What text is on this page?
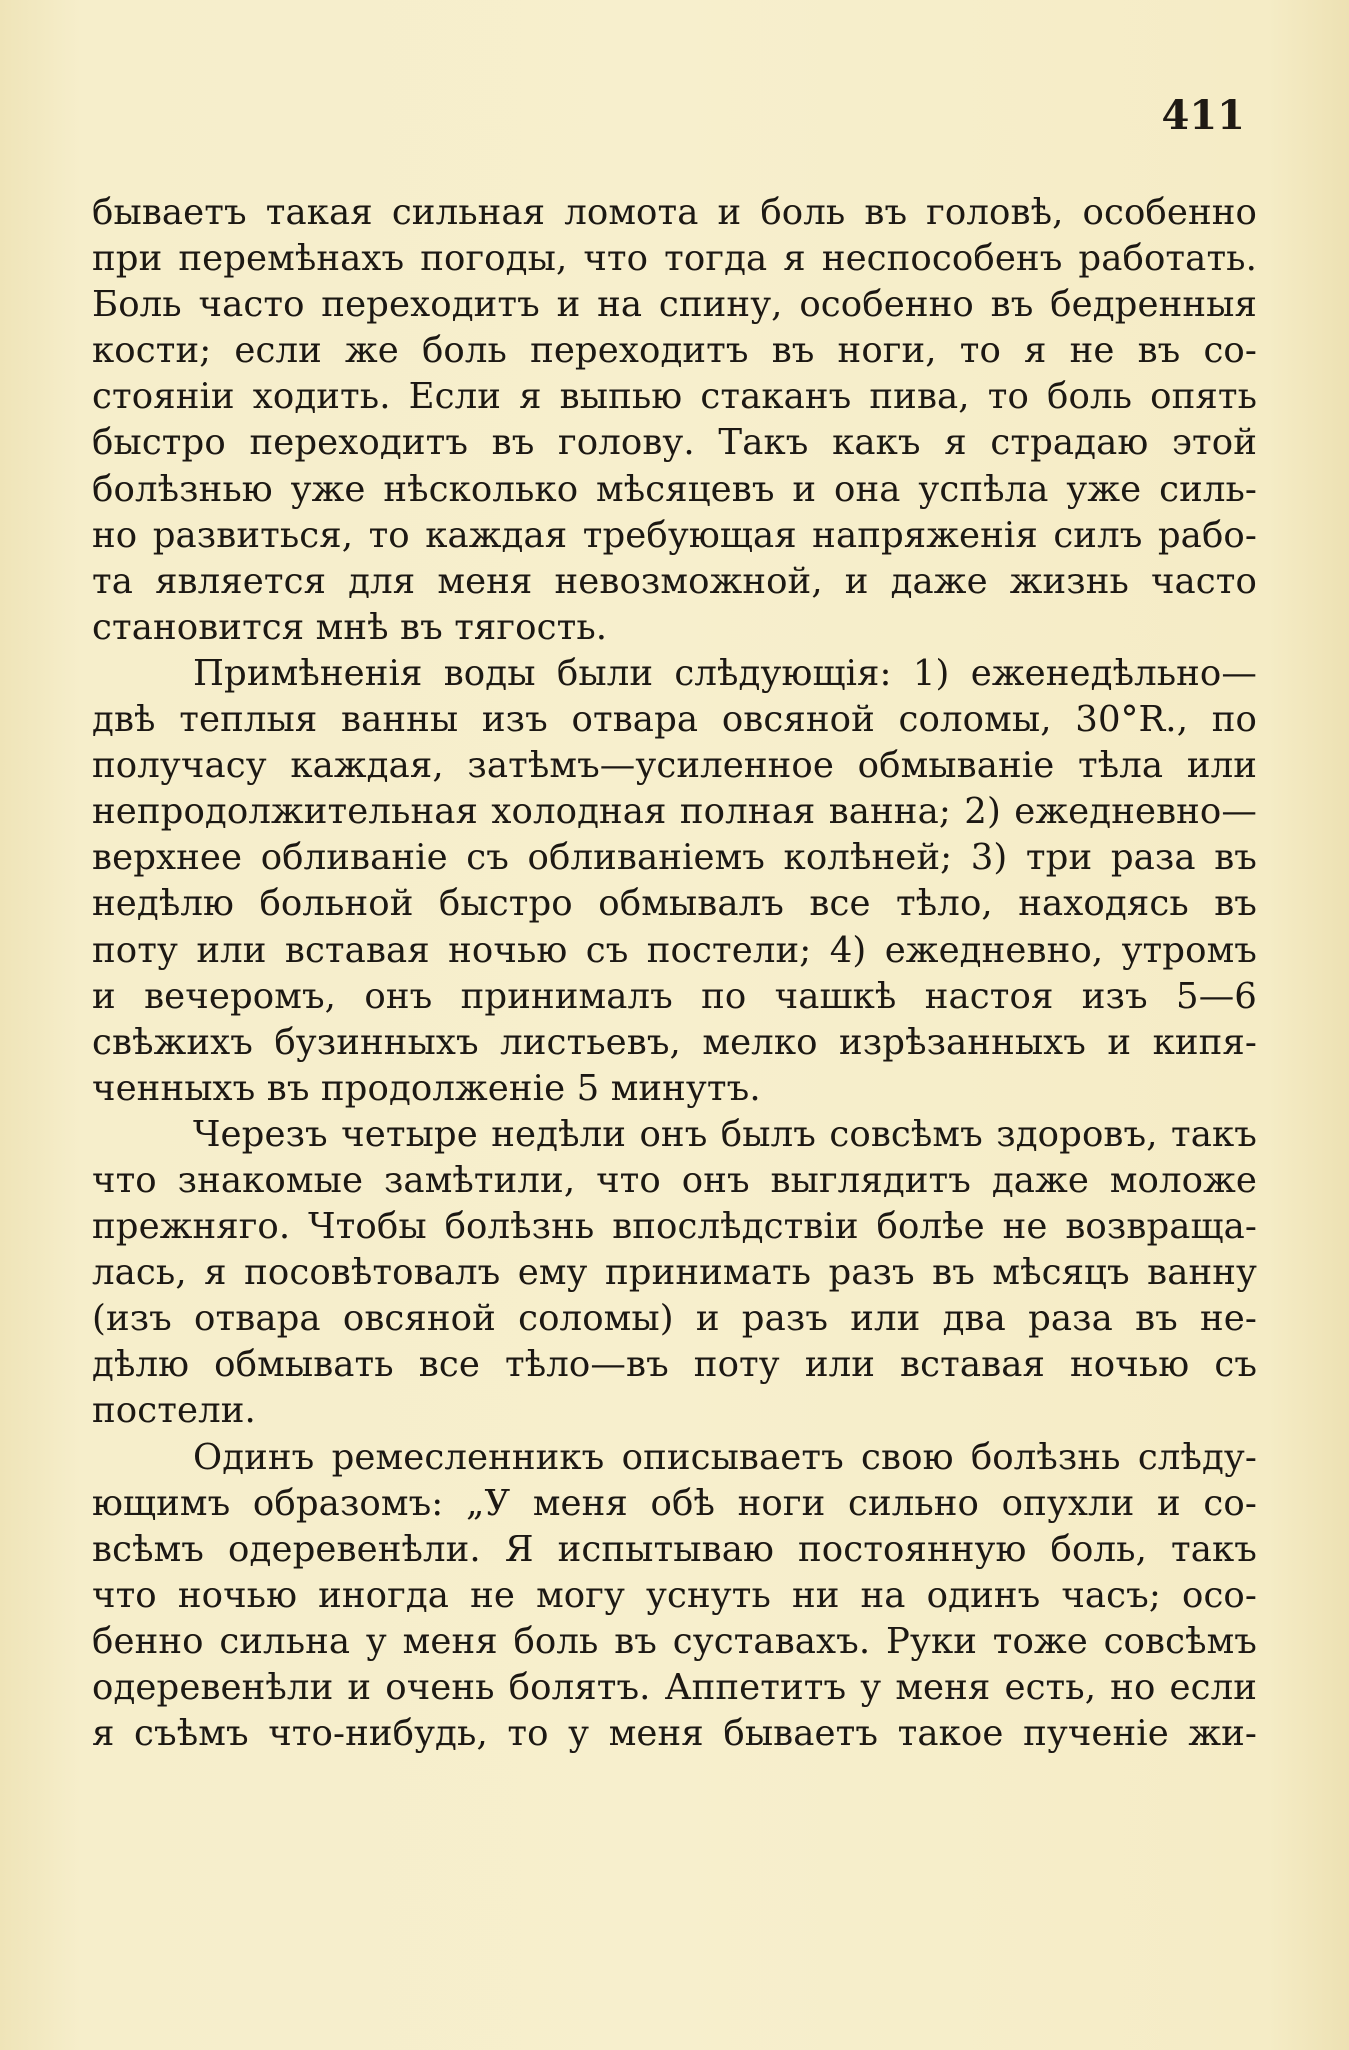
411
бываетъ такая сильная ломота и боль въ головѣ, особенно
при перемѣнахъ погоды, что тогда я неспособенъ работать.
Боль часто переходитъ и на спину, особенно въ бедренныя
кости; если же боль переходитъ въ ноги, то я не въ со-
стояніи ходить. Если я выпью стаканъ пива, то боль опять
быстро переходитъ въ голову. Такъ какъ я страдаю этой
болѣзнью уже нѣсколько мѣсяцевъ и она успѣла уже силь-
но развиться, то каждая требующая напряженія силъ рабо-
та является для меня невозможной, и даже жизнь часто
становится мнѣ въ тягость.
Примѣненія воды были слѣдующія: 1) еженедѣльно—
двѣ теплыя ванны изъ отвара овсяной соломы, 30°R., по
получасу каждая, затѣмъ—усиленное обмываніе тѣла или
непродолжительная холодная полная ванна; 2) ежедневно—
верхнее обливаніе съ обливаніемъ колѣней; 3) три раза въ
недѣлю больной быстро обмывалъ все тѣло, находясь въ
поту или вставая ночью съ постели; 4) ежедневно, утромъ
и вечеромъ, онъ принималъ по чашкѣ настоя изъ 5—6
свѣжихъ бузинныхъ листьевъ, мелко изрѣзанныхъ и кипя-
ченныхъ въ продолженіе 5 минутъ.
Черезъ четыре недѣли онъ былъ совсѣмъ здоровъ, такъ
что знакомые замѣтили, что онъ выглядитъ даже моложе
прежняго. Чтобы болѣзнь впослѣдствіи болѣе не возвраща-
лась, я посовѣтовалъ ему принимать разъ въ мѣсяцъ ванну
(изъ отвара овсяной соломы) и разъ или два раза въ не-
дѣлю обмывать все тѣло—въ поту или вставая ночью съ
постели.
Одинъ ремесленникъ описываетъ свою болѣзнь слѣду-
ющимъ образомъ: „У меня обѣ ноги сильно опухли и со-
всѣмъ одеревенѣли. Я испытываю постоянную боль, такъ
что ночью иногда не могу уснуть ни на одинъ часъ; осо-
бенно сильна у меня боль въ суставахъ. Руки тоже совсѣмъ
одеревенѣли и очень болятъ. Аппетитъ у меня есть, но если
я съѣмъ что-нибудь, то у меня бываетъ такое пученіе жи-
